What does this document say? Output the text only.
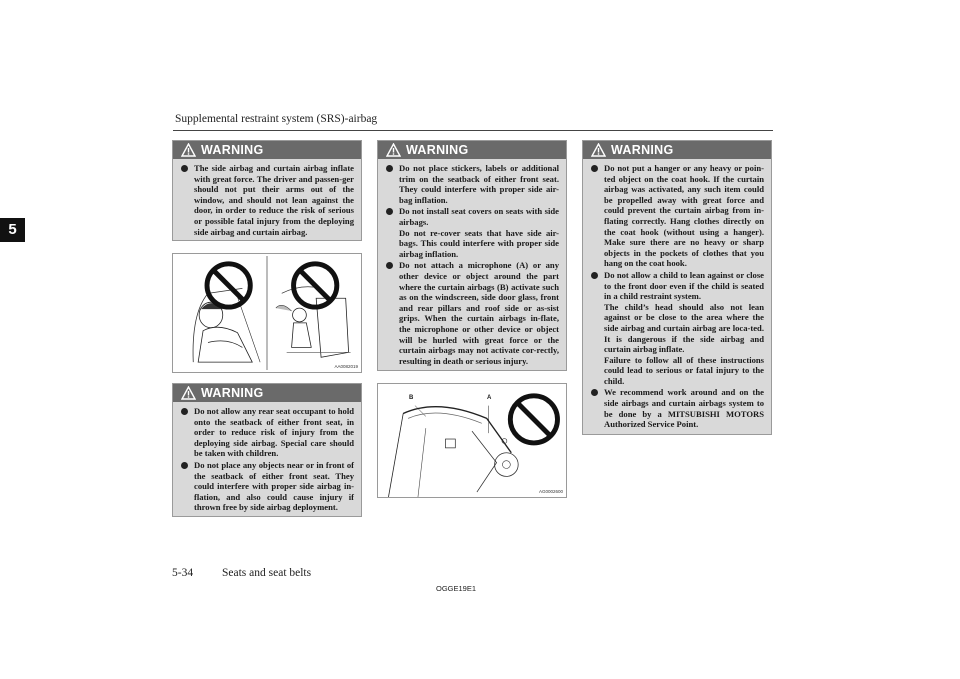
Supplemental restraint system (SRS)-airbag
5
WARNING
The side airbag and curtain airbag inflate with great force. The driver and passen-ger should not put their arms out of the window, and should not lean against the door, in order to reduce the risk of serious or possible fatal injury from the deploying side airbag and curtain airbag.
AA0082019
WARNING
Do not allow any rear seat occupant to hold onto the seatback of either front seat, in order to reduce risk of injury from the deploying side airbag. Special care should be taken with children.
Do not place any objects near or in front of the seatback of either front seat. They could interfere with proper side airbag in-flation, and also could cause injury if thrown free by side airbag deployment.
WARNING
Do not place stickers, labels or additional trim on the seatback of either front seat. They could interfere with proper side air-bag inflation.
Do not install seat covers on seats with side airbags.
Do not re-cover seats that have side air-bags. This could interfere with proper side airbag inflation.
Do not attach a microphone (A) or any other device or object around the part where the curtain airbags (B) activate such as on the windscreen, side door glass, front and rear pillars and roof side or as-sist grips. When the curtain airbags in-flate, the microphone or other device or object will be hurled with great force or the curtain airbags may not activate cor-rectly, resulting in death or serious injury.
B	A
AG0002600
WARNING
Do not put a hanger or any heavy or poin-ted object on the coat hook. If the curtain airbag was activated, any such item could be propelled away with great force and could prevent the curtain airbag from in-flating correctly. Hang clothes directly on the coat hook (without using a hanger). Make sure there are no heavy or sharp objects in the pockets of clothes that you hang on the coat hook.
Do not allow a child to lean against or close to the front door even if the child is seated in a child restraint system.
The child’s head should also not lean against or be close to the area where the side airbag and curtain airbag are loca-ted. It is dangerous if the side airbag and curtain airbag inflate.
Failure to follow all of these instructions could lead to serious or fatal injury to the child.
We recommend work around and on the side airbags and curtain airbags system to be done by a MITSUBISHI MOTORS Authorized Service Point.
5-34	Seats and seat belts
OGGE19E1
